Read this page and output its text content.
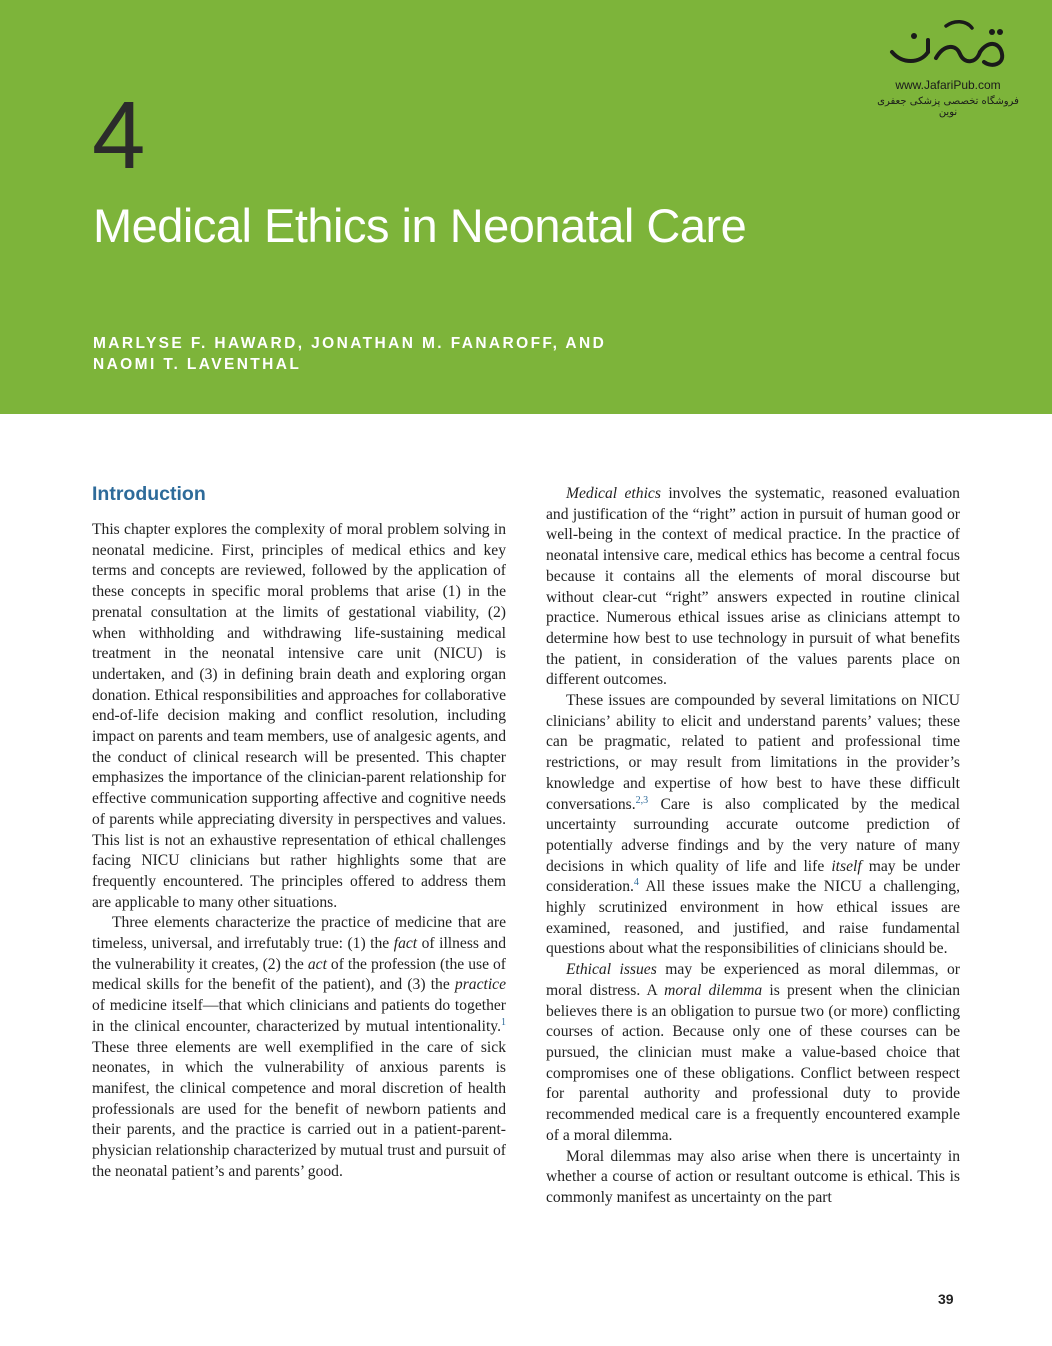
4
Medical Ethics in Neonatal Care
MARLYSE F. HAWARD, JONATHAN M. FANAROFF, AND
NAOMI T. LAVENTHAL
www.JafariPub.com
فروشگاه تخصصی پزشکی جعفری نوین
Introduction

This chapter explores the complexity of moral problem solving in neonatal medicine. First, principles of medical ethics and key terms and concepts are reviewed, followed by the application of these concepts in specific moral problems that arise (1) in the prenatal consultation at the limits of gestational viability, (2) when withholding and withdrawing life-sustaining medical treatment in the neonatal intensive care unit (NICU) is undertaken, and (3) in defining brain death and exploring organ donation. Ethical responsibilities and approaches for collaborative end-of-life decision making and conflict resolution, including impact on parents and team members, use of analgesic agents, and the conduct of clinical research will be presented. This chapter emphasizes the importance of the clinician-parent relationship for effective communication supporting affective and cognitive needs of parents while appreciating diversity in perspectives and values. This list is not an exhaustive representation of ethical challenges facing NICU clinicians but rather highlights some that are frequently encountered. The principles offered to address them are applicable to many other situations.

Three elements characterize the practice of medicine that are timeless, universal, and irrefutably true: (1) the fact of illness and the vulnerability it creates, (2) the act of the profession (the use of medical skills for the benefit of the patient), and (3) the practice of medicine itself—that which clinicians and patients do together in the clinical encounter, characterized by mutual intentionality.$^1$ These three elements are well exemplified in the care of sick neonates, in which the vulnerability of anxious parents is manifest, the clinical competence and moral discretion of health professionals are used for the benefit of newborn patients and their parents, and the practice is carried out in a patient-parent-physician relationship characterized by mutual trust and pursuit of the neonatal patient’s and parents’ good.

Medical ethics involves the systematic, reasoned evaluation and justification of the “right” action in pursuit of human good or well-being in the context of medical practice. In the practice of neonatal intensive care, medical ethics has become a central focus because it contains all the elements of moral discourse but without clear-cut “right” answers expected in routine clinical practice. Numerous ethical issues arise as clinicians attempt to determine how best to use technology in pursuit of what benefits the patient, in consideration of the values parents place on different outcomes.

These issues are compounded by several limitations on NICU clinicians’ ability to elicit and understand parents’ values; these can be pragmatic, related to patient and professional time restrictions, or may result from limitations in the provider’s knowledge and expertise of how best to have these difficult conversations.$^{2,3}$ Care is also complicated by the medical uncertainty surrounding accurate outcome prediction of potentially adverse findings and by the very nature of many decisions in which quality of life and life itself may be under consideration.$^4$ All these issues make the NICU a challenging, highly scrutinized environment in how ethical issues are examined, reasoned, and justified, and raise fundamental questions about what the responsibilities of clinicians should be.

Ethical issues may be experienced as moral dilemmas, or moral distress. A moral dilemma is present when the clinician believes there is an obligation to pursue two (or more) conflicting courses of action. Because only one of these courses can be pursued, the clinician must make a value-based choice that compromises one of these obligations. Conflict between respect for parental authority and professional duty to provide recommended medical care is a frequently encountered example of a moral dilemma.

Moral dilemmas may also arise when there is uncertainty in whether a course of action or resultant outcome is ethical. This is commonly manifest as uncertainty on the part

39
